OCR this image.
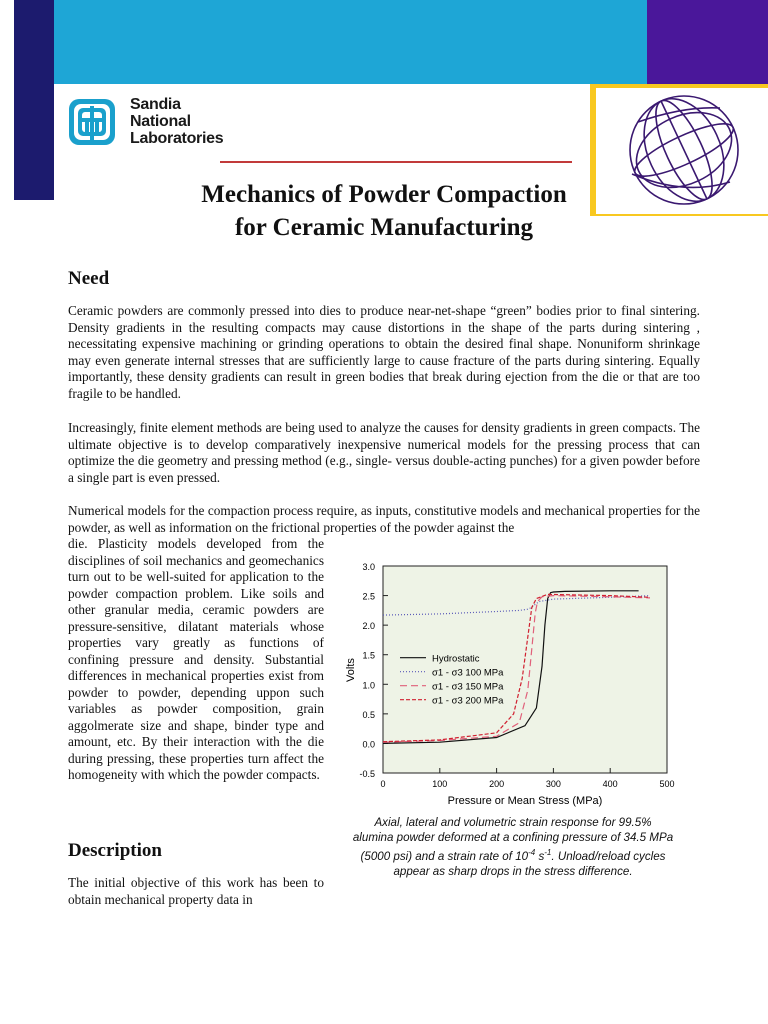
Sandia
National
Laboratories
Mechanics of Powder Compaction
for Ceramic Manufacturing
Need

Ceramic powders are commonly pressed into dies to produce near-net-shape “green” bodies prior to final sintering. Density gradients in the resulting compacts may cause distortions in the shape of the parts during sintering , necessitating expensive machining or grinding operations to obtain the desired final shape. Nonuniform shrinkage may even generate internal stresses that are sufficiently large to cause fracture of the parts during sintering. Equally importantly, these density gradients can result in green bodies that break during ejection from the die or that are too fragile to be handled.

Increasingly, finite element methods are being used to analyze the causes for density gradients in green compacts. The ultimate objective is to develop comparatively inexpensive numerical models for the pressing process that can optimize the die geometry and pressing method (e.g., single- versus double-acting punches) for a given powder before a single part is even pressed.

Numerical models for the compaction process require, as inputs, constitutive models and mechanical properties for the powder, as well as information on the frictional properties of the powder against the

die. Plasticity models developed from the disciplines of soil mechanics and geomechanics turn out to be well-suited for application to the powder compaction problem. Like soils and other granular media, ceramic powders are pressure-sensitive, dilatant materials whose properties vary greatly as functions of confining pressure and density. Substantial differences in mechanical properties exist from powder to powder, depending uppon such variables as powder composition, grain aggolmerate size and shape, binder type and amount, etc. By their interaction with the die during pressing, these properties turn affect the homogeneity with which the powder compacts.

Description

The initial objective of this work has been to obtain mechanical property data in

-0.5
0.0
0.5
1.0
1.5
2.0
2.5
3.0
0	100	200	300	400	500
Hydrostatic
σ1 - σ3 100 MPa
σ1 - σ3 150 MPa
σ1 - σ3 200 MPa
Pressure or Mean Stress (MPa)
Volts
Axial, lateral and volumetric strain response for 99.5%
alumina powder deformed at a confining pressure of 34.5 MPa
(5000 psi) and a strain rate of $10^{-4}$ $s^{-1}$. Unload/reload cycles
appear as sharp drops in the stress difference.
